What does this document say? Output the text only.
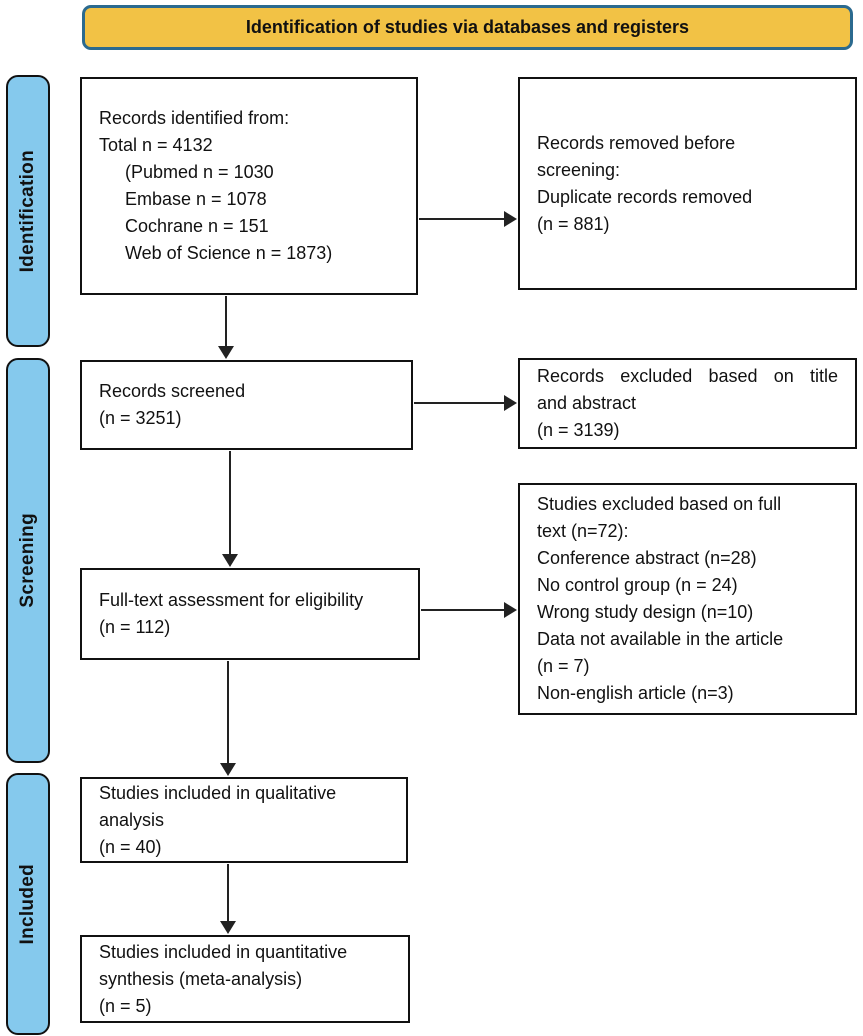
Identification of studies via databases and registers
Identification
Screening
Included
Records identified from:
Total n = 4132
(Pubmed n = 1030
Embase n = 1078
Cochrane n = 151
Web of Science n = 1873)
Records removed before
screening:
Duplicate records removed
(n = 881)
Records screened
(n = 3251)
Records excluded based on title
and abstract
(n = 3139)
Full-text assessment for eligibility
(n = 112)
Studies excluded based on full
text (n=72):
Conference abstract (n=28)
No control group (n = 24)
Wrong study design (n=10)
Data not available in the article
(n = 7)
Non-english article (n=3)
Studies included in qualitative
analysis
(n = 40)
Studies included in quantitative
synthesis (meta-analysis)
(n = 5)
